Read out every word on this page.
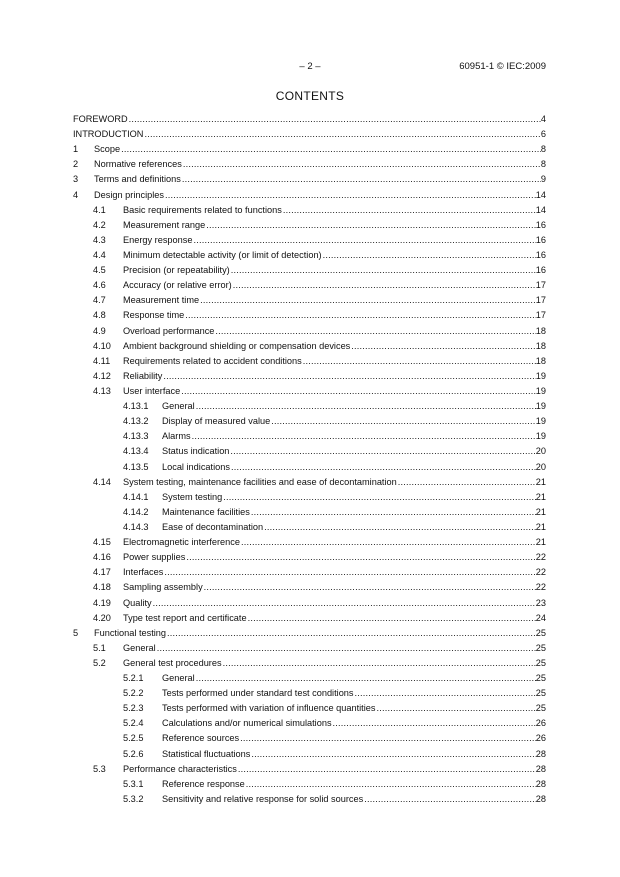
– 2 –	60951-1 © IEC:2009
CONTENTS
FOREWORD .....	4
INTRODUCTION .....	6
1 Scope .....	8
2 Normative references .....	8
3 Terms and definitions .....	9
4 Design principles .....	14
4.1 Basic requirements related to functions .....	14
4.2 Measurement range .....	16
4.3 Energy response .....	16
4.4 Minimum detectable activity (or limit of detection) .....	16
4.5 Precision (or repeatability) .....	16
4.6 Accuracy (or relative error) .....	17
4.7 Measurement time .....	17
4.8 Response time .....	17
4.9 Overload performance .....	18
4.10 Ambient background shielding or compensation devices .....	18
4.11 Requirements related to accident conditions .....	18
4.12 Reliability .....	19
4.13 User interface .....	19
4.13.1 General .....	19
4.13.2 Display of measured value .....	19
4.13.3 Alarms .....	19
4.13.4 Status indication .....	20
4.13.5 Local indications .....	20
4.14 System testing, maintenance facilities and ease of decontamination .....	21
4.14.1 System testing .....	21
4.14.2 Maintenance facilities .....	21
4.14.3 Ease of decontamination .....	21
4.15 Electromagnetic interference .....	21
4.16 Power supplies .....	22
4.17 Interfaces .....	22
4.18 Sampling assembly .....	22
4.19 Quality .....	23
4.20 Type test report and certificate .....	24
5 Functional testing .....	25
5.1 General .....	25
5.2 General test procedures .....	25
5.2.1 General .....	25
5.2.2 Tests performed under standard test conditions .....	25
5.2.3 Tests performed with variation of influence quantities .....	25
5.2.4 Calculations and/or numerical simulations .....	26
5.2.5 Reference sources .....	26
5.2.6 Statistical fluctuations .....	28
5.3 Performance characteristics .....	28
5.3.1 Reference response .....	28
5.3.2 Sensitivity and relative response for solid sources .....	28
